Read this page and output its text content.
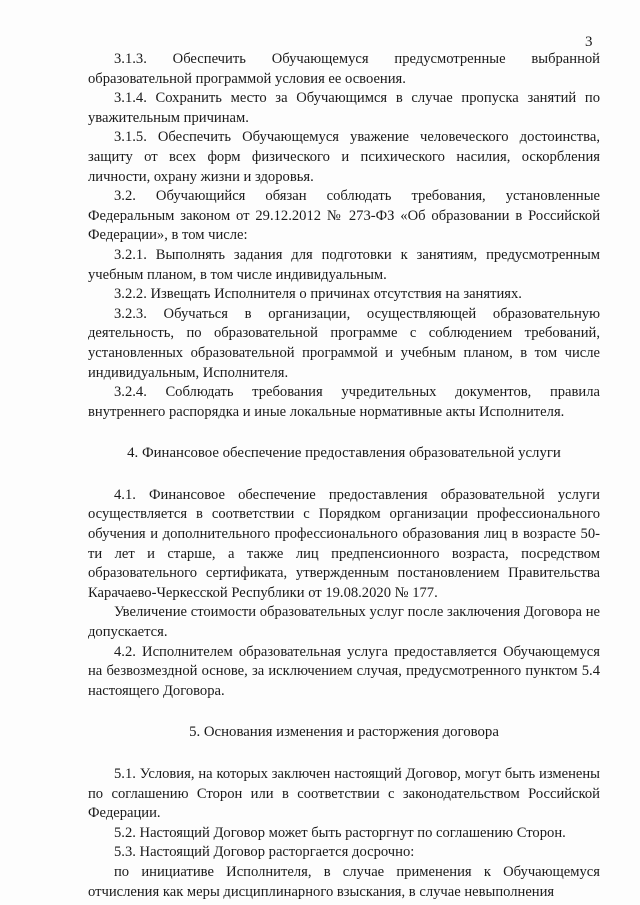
3

3.1.3. Обеспечить Обучающемуся предусмотренные выбранной образовательной программой условия ее освоения.

3.1.4. Сохранить место за Обучающимся в случае пропуска занятий по уважительным причинам.

3.1.5. Обеспечить Обучающемуся уважение человеческого достоинства, защиту от всех форм физического и психического насилия, оскорбления личности, охрану жизни и здоровья.

3.2. Обучающийся обязан соблюдать требования, установленные Федеральным законом от 29.12.2012 № 273-ФЗ «Об образовании в Российской Федерации», в том числе:

3.2.1. Выполнять задания для подготовки к занятиям, предусмотренным учебным планом, в том числе индивидуальным.

3.2.2. Извещать Исполнителя о причинах отсутствия на занятиях.

3.2.3. Обучаться в организации, осуществляющей образовательную деятельность, по образовательной программе с соблюдением требований, установленных образовательной программой и учебным планом, в том числе индивидуальным, Исполнителя.

3.2.4. Соблюдать требования учредительных документов, правила внутреннего распорядка и иные локальные нормативные акты Исполнителя.

4. Финансовое обеспечение предоставления образовательной услуги

4.1. Финансовое обеспечение предоставления образовательной услуги осуществляется в соответствии с Порядком организации профессионального обучения и дополнительного профессионального образования лиц в возрасте 50-ти лет и старше, а также лиц предпенсионного возраста, посредством образовательного сертификата, утвержденным постановлением Правительства Карачаево-Черкесской Республики от 19.08.2020 № 177.

Увеличение стоимости образовательных услуг после заключения Договора не допускается.

4.2. Исполнителем образовательная услуга предоставляется Обучающемуся на безвозмездной основе, за исключением случая, предусмотренного пунктом 5.4 настоящего Договора.

5. Основания изменения и расторжения договора

5.1. Условия, на которых заключен настоящий Договор, могут быть изменены по соглашению Сторон или в соответствии с законодательством Российской Федерации.

5.2. Настоящий Договор может быть расторгнут по соглашению Сторон.

5.3. Настоящий Договор расторгается досрочно:

по инициативе Исполнителя, в случае применения к Обучающемуся отчисления как меры дисциплинарного взыскания, в случае невыполнения
